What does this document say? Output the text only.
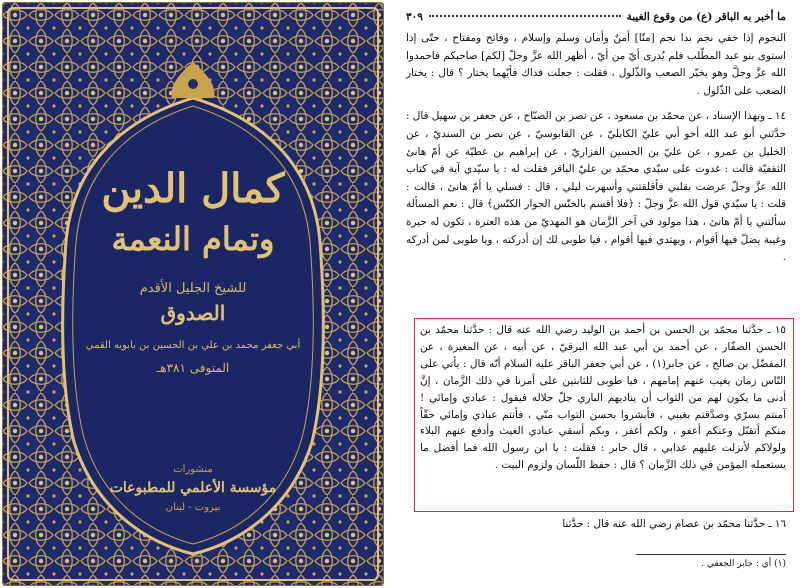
كمال الدين
وتمام النعمة
للشيخ الجليل الأقدم
الصدوق
أبي جعفر محمد بن علي بن الحسين بن بابويه القمي
المتوفى ٣٨١هـ
منشورات
مؤسسة الأعلمي للمطبوعات
بيروت - لبنان
ما أخبر به الباقر (ع) من وقوع الغيبة
٣٠٩

النجوم إذا خفي نجم بدا نجم [منّا] أمنٌ وأمان وسلم وإسلام ، وفاتح ومفتاح ، حتّى إذا استوى بنو عبد المطّلب فلم يُدرى أيّ من أيّ ، أظهر الله عزَّ وجلّ [لكم] صاحبكم فاحمدوا الله عزَّ وجلَّ وهو يخيّر الصعب والذّلول ، فقلت : جعلت فداك فأيّهما يختار ؟ قال : يختار الصعب على الذّلول .

١٤ ـ وبهذا الإسناد ، عن محمّد بن مسعود ، عن نصر بن الصبّاح ، عن جعفر بن سهيل قال : حدَّثني أبو عبد الله أخو أبي عليّ الكابليّ ، عن القابوسيّ ، عن نصر بن السنديّ ، عن الخليل بن عمرو ، عن عليّ بن الحسين الفزاريّ ، عن إبراهيم بن عطيّة عن أمّ هانئ الثقفيّة قالت : غدوت على سيّدي محمّد بن عليّ الباقر فقلت له : يا سيّدي آية في كتاب الله عزَّ وجلّ عرضت بقلبي فأقلقتني وأسهرت ليلي ، قال : فسلي يا أمّ هانئ ، قالت : قلت : يا سيّدي قول الله عزَّ وجلّ : ﴿فلا أقسم بالخنّس الجوار الكنّس﴾ قال : نعم المسألة سألتني يا أمّ هانئ ، هذا مولود في آخر الزَّمان هو المهديّ من هذه العترة ، تكون له حيرة وغيبة يضلّ فيها أقوام ، ويهتدي فيها أقوام ، فيا طوبى لك إن أدركته ، ويا طوبى لمن أدركه .

١٥ ـ حدَّثنا محمّد بن الحسن بن أحمد بن الوليد رضي الله عنه قال : حدَّثنا محمّد بن الحسن الصفّار ، عن أحمد بن أبي عبد الله البرقيّ ، عن أبيه ، عن المغيرة ، عن المفضّل بن صالح ، عن جابر(١) ، عن أبي جعفر الباقر عليه السلام أنّه قال : يأتي على النّاس زمان يغيب عنهم إمامهم ، فيا طوبى للثابتين على أمرنا في ذلك الزَّمان ، إنَّ أدنى ما يكون لهم من الثواب أن يناديهم الباري جلّ جلاله فيقول : عبادي وإمائي ! آمنتم بسرّي وصدَّقتم بغيبي ، فأبشروا بحسن الثواب منّي ، فأنتم عبادي وإمائي حقّاً منكم أتقبّل وعنكم أعفو ، ولكم أغفر ، وبكم أسقي عبادي الغيث وأدفع عنهم البلاء ولولاكم لأنزلت عليهم عذابي ، قال جابر : فقلت : يا ابن رسول الله فما أفضل ما يستعمله المؤمن في ذلك الزَّمان ؟ قال : حفظ اللّسان ولزوم البيت .
١٦ ـ حدَّثنا محمّد بن عصام رضي الله عنه قال : حدَّثنا
(١) أي : جابر الجعفي .
